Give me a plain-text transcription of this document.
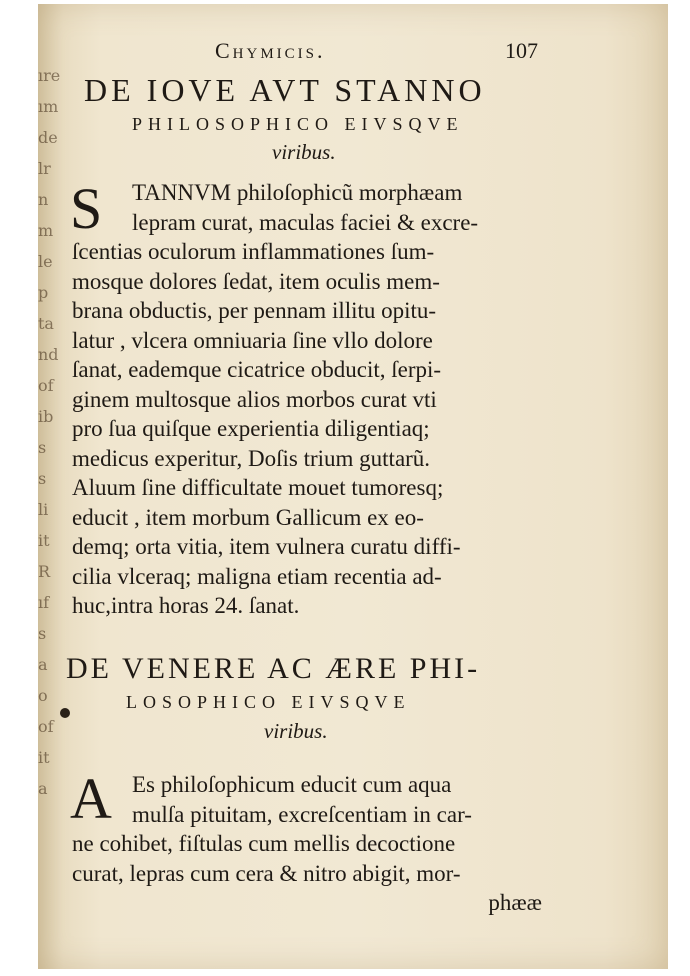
ıre
ım
de
lr
n
m
le
p
ta
nd
of
ib
s
s
li
it
R
ıf
s
a
o
of
it
a
Chymicis.	107
DE IOVE AVT STANNO
PHILOSOPHICO EIVSQVE
viribus.
S	TANNVM philoſophicũ morphæam
lepram curat, maculas faciei & excre-
ſcentias oculorum inflammationes ſum-
mosque dolores ſedat, item oculis mem-
brana obductis, per pennam illitu opitu-
latur , vlcera omniuaria ſine vllo dolore
ſanat, eademque cicatrice obducit, ſerpi-
ginem multosque alios morbos curat vti
pro ſua quiſque experientia diligentiaq;
medicus experitur, Doſis trium guttarũ.
Aluum ſine difficultate mouet tumoresq;
educit , item morbum Gallicum ex eo-
demq; orta vitia, item vulnera curatu diffi-
cilia vlceraq; maligna etiam recentia ad-
huc,intra horas 24. ſanat.
DE VENERE AC ÆRE PHI-
LOSOPHICO EIVSQVE
viribus.
A Es philoſophicum educit cum aqua
mulſa pituitam, excreſcentiam in car-
ne cohibet, fiſtulas cum mellis decoctione
curat, lepras cum cera & nitro abigit, mor-
phææ
